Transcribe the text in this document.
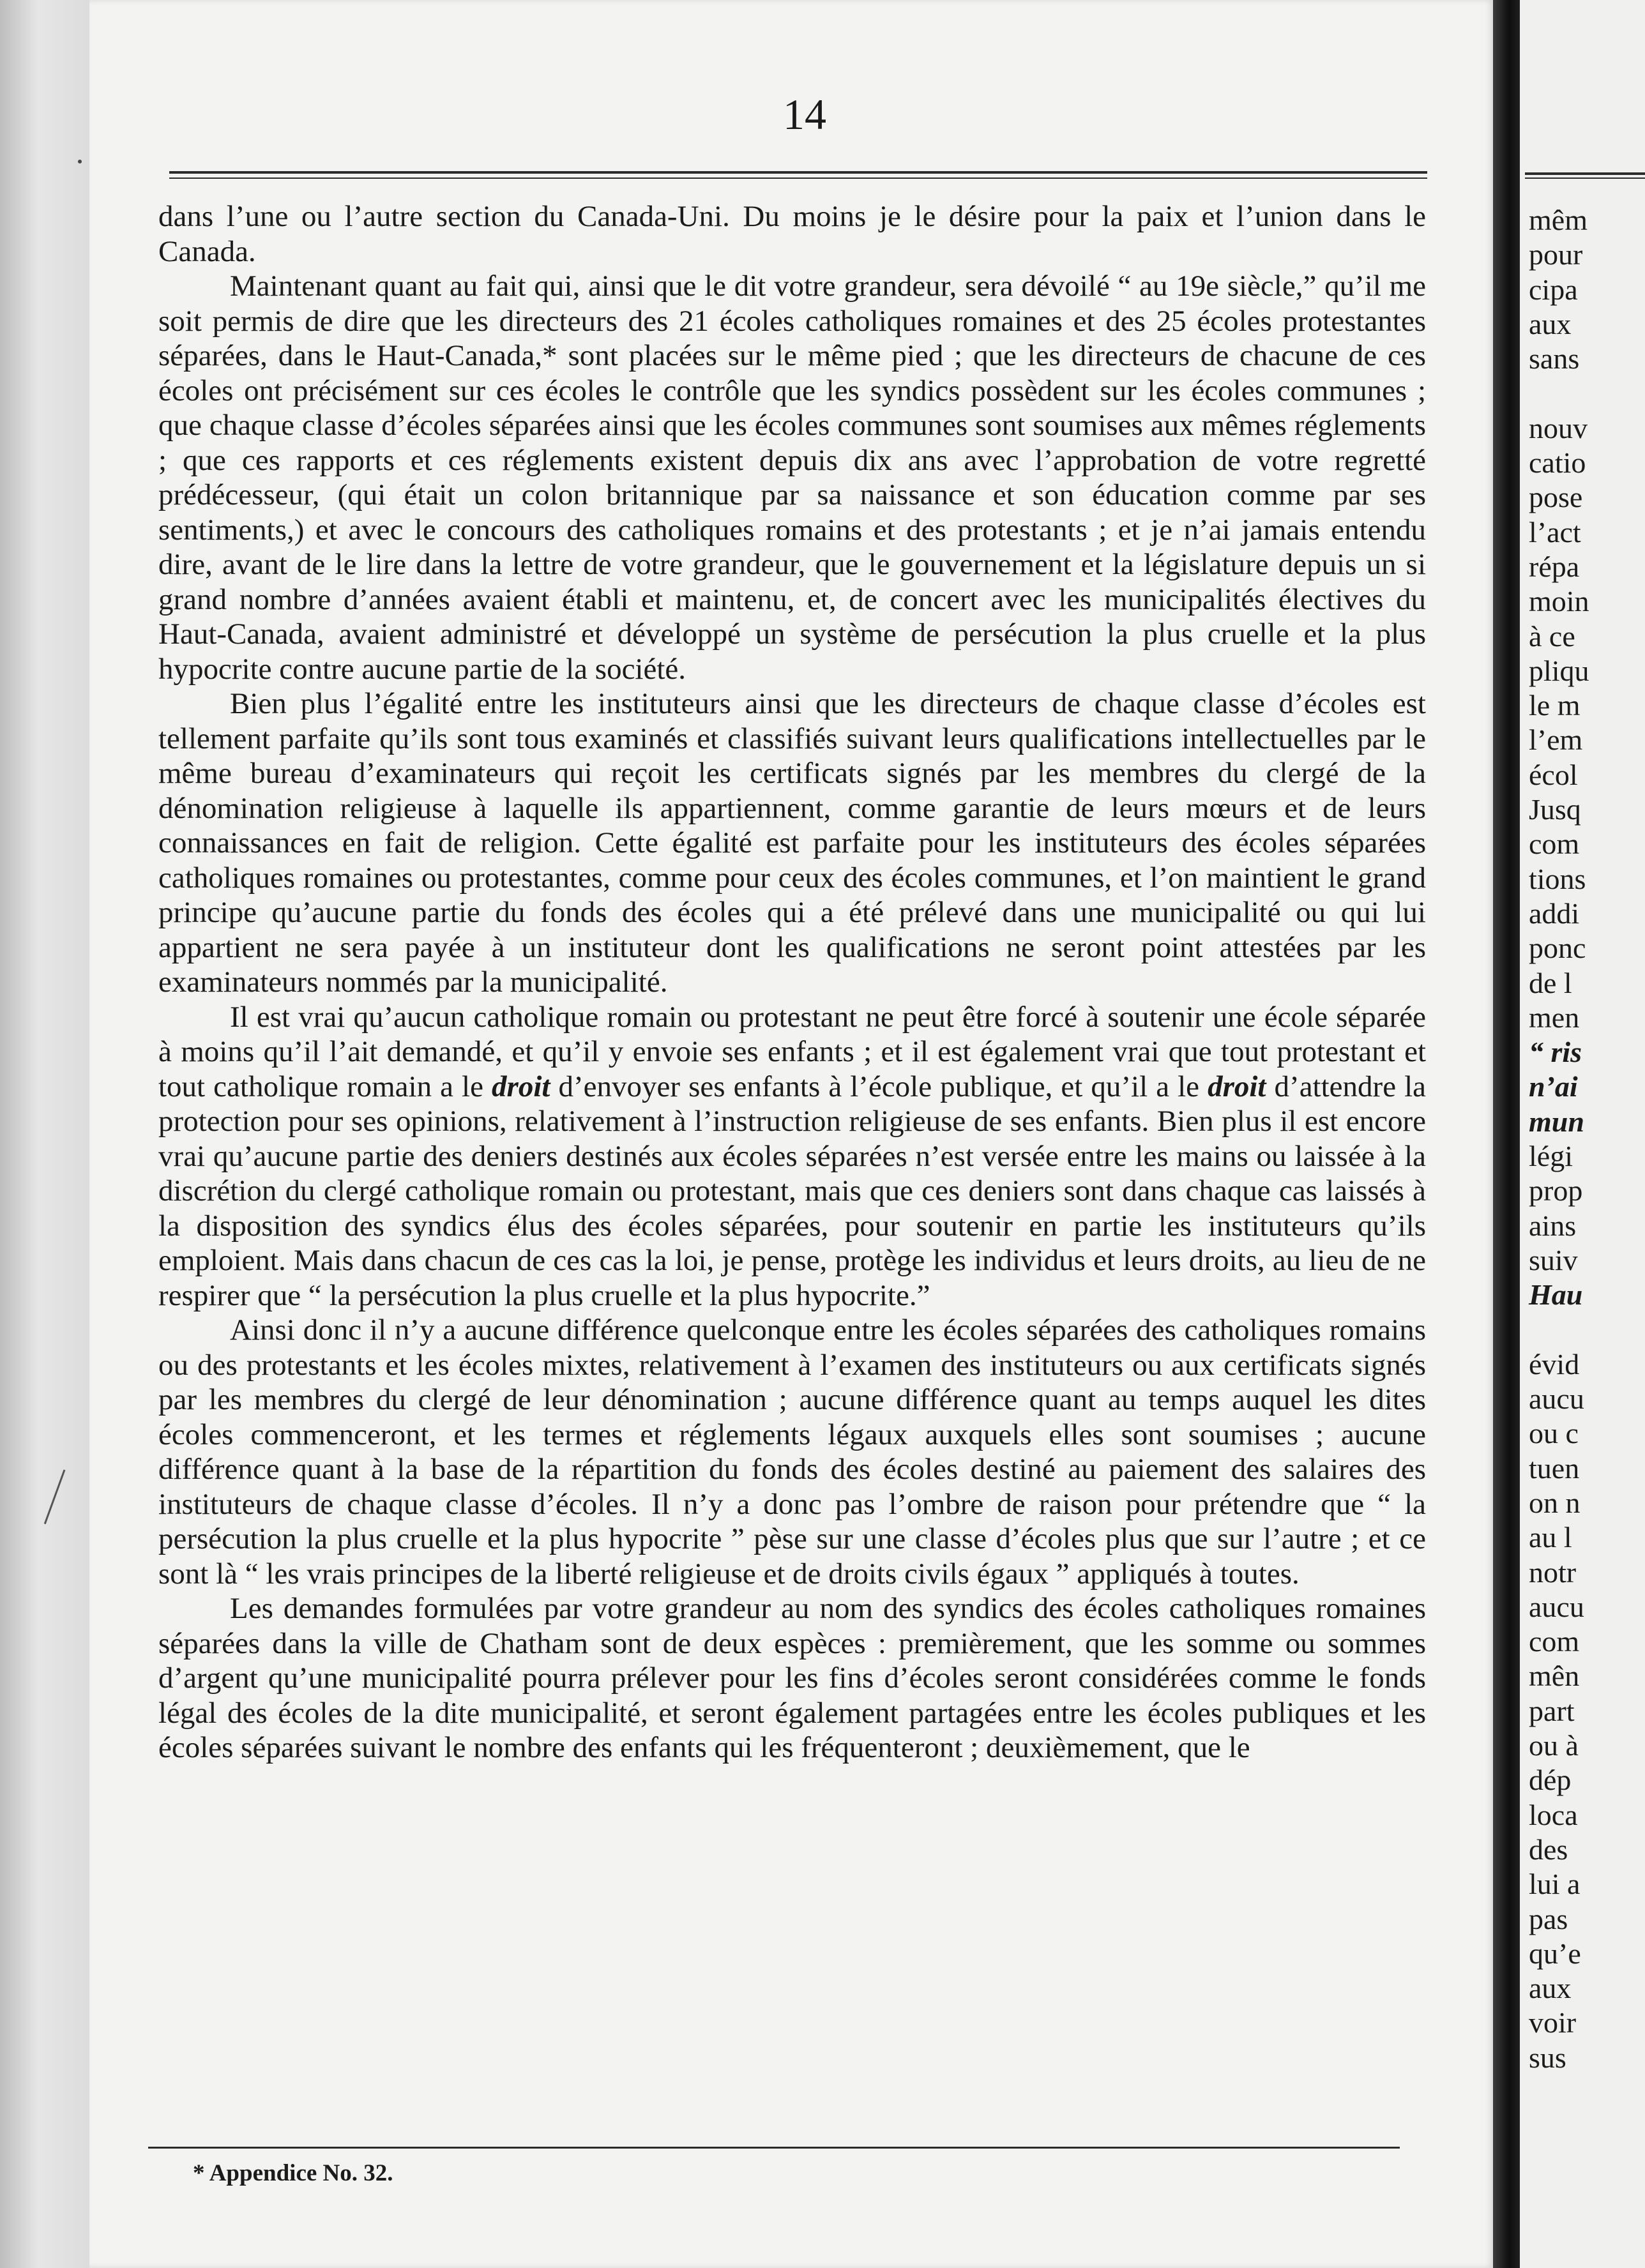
14

dans l’une ou l’autre section du Canada-Uni. Du moins je le désire pour la paix et l’union dans le Canada.

Maintenant quant au fait qui, ainsi que le dit votre grandeur, sera dévoilé “ au 19e siècle,” qu’il me soit permis de dire que les directeurs des 21 écoles catholiques romaines et des 25 écoles protestantes séparées, dans le Haut-Canada,* sont placées sur le même pied ; que les directeurs de chacune de ces écoles ont précisément sur ces écoles le contrôle que les syndics possèdent sur les écoles communes ; que chaque classe d’écoles séparées ainsi que les écoles communes sont soumises aux mêmes réglements ; que ces rapports et ces réglements existent depuis dix ans avec l’approbation de votre regretté prédécesseur, (qui était un colon britannique par sa naissance et son éducation comme par ses sentiments,) et avec le concours des catholiques romains et des protestants ; et je n’ai jamais entendu dire, avant de le lire dans la lettre de votre grandeur, que le gouvernement et la législature depuis un si grand nombre d’années avaient établi et maintenu, et, de concert avec les municipalités électives du Haut-Canada, avaient administré et développé un système de persécution la plus cruelle et la plus hypocrite contre aucune partie de la société.

Bien plus l’égalité entre les instituteurs ainsi que les directeurs de chaque classe d’écoles est tellement parfaite qu’ils sont tous examinés et classifiés suivant leurs qualifications intellectuelles par le même bureau d’examinateurs qui reçoit les certificats signés par les membres du clergé de la dénomination religieuse à laquelle ils appartiennent, comme garantie de leurs mœurs et de leurs connaissances en fait de religion. Cette égalité est parfaite pour les instituteurs des écoles séparées catholiques romaines ou protestantes, comme pour ceux des écoles communes, et l’on maintient le grand principe qu’aucune partie du fonds des écoles qui a été prélevé dans une municipalité ou qui lui appartient ne sera payée à un instituteur dont les qualifications ne seront point attestées par les examinateurs nommés par la municipalité.

Il est vrai qu’aucun catholique romain ou protestant ne peut être forcé à soutenir une école séparée à moins qu’il l’ait demandé, et qu’il y envoie ses enfants ; et il est également vrai que tout protestant et tout catholique romain a le droit d’envoyer ses enfants à l’école publique, et qu’il a le droit d’attendre la protection pour ses opinions, relativement à l’instruction religieuse de ses enfants. Bien plus il est encore vrai qu’aucune partie des deniers destinés aux écoles séparées n’est versée entre les mains ou laissée à la discrétion du clergé catholique romain ou protestant, mais que ces deniers sont dans chaque cas laissés à la disposition des syndics élus des écoles séparées, pour soutenir en partie les instituteurs qu’ils emploient. Mais dans chacun de ces cas la loi, je pense, protège les individus et leurs droits, au lieu de ne respirer que “ la persécution la plus cruelle et la plus hypocrite.”

Ainsi donc il n’y a aucune différence quelconque entre les écoles séparées des catholiques romains ou des protestants et les écoles mixtes, relativement à l’examen des instituteurs ou aux certificats signés par les membres du clergé de leur dénomination ; aucune différence quant au temps auquel les dites écoles commenceront, et les termes et réglements légaux auxquels elles sont soumises ; aucune différence quant à la base de la répartition du fonds des écoles destiné au paiement des salaires des instituteurs de chaque classe d’écoles. Il n’y a donc pas l’ombre de raison pour prétendre que “ la persécution la plus cruelle et la plus hypocrite ” pèse sur une classe d’écoles plus que sur l’autre ; et ce sont là “ les vrais principes de la liberté religieuse et de droits civils égaux ” appliqués à toutes.

Les demandes formulées par votre grandeur au nom des syndics des écoles catholiques romaines séparées dans la ville de Chatham sont de deux espèces : premièrement, que les somme ou sommes d’argent qu’une municipalité pourra prélever pour les fins d’écoles seront considérées comme le fonds légal des écoles de la dite municipalité, et seront également partagées entre les écoles publiques et les écoles séparées suivant le nombre des enfants qui les fréquenteront ; deuxièmement, que le

* Appendice No. 32.
mêm
pour
cipa
aux
sans
nouv
catio
pose
l’act
répa
moin
à ce
pliqu
le m
l’em
écol
Jusq
com
tions
addi
ponc
de l
men
“ ris
n’ai
mun
légi
prop
ains
suiv
Hau
évid
aucu
ou c
tuen
on n
au l
notr
aucu
com
mên
part
ou à
dép
loca
des
lui a
pas
qu’e
aux
voir
sus
